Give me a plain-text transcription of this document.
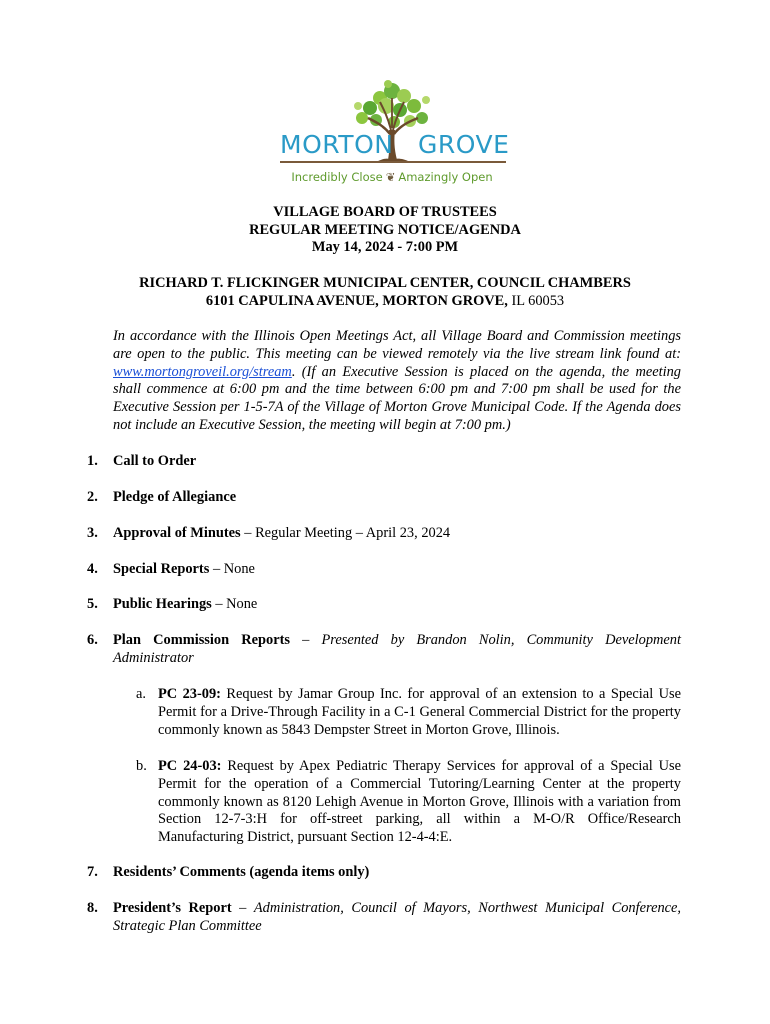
MORTON GROVE
Incredibly Close ❦ Amazingly Open
VILLAGE BOARD OF TRUSTEES
REGULAR MEETING NOTICE/AGENDA
May 14, 2024 - 7:00 PM
RICHARD T. FLICKINGER MUNICIPAL CENTER, COUNCIL CHAMBERS
6101 CAPULINA AVENUE, MORTON GROVE, IL 60053
In accordance with the Illinois Open Meetings Act, all Village Board and Commission meetings are open to the public. This meeting can be viewed remotely via the live stream link found at: www.mortongroveil.org/stream. (If an Executive Session is placed on the agenda, the meeting shall commence at 6:00 pm and the time between 6:00 pm and 7:00 pm shall be used for the Executive Session per 1-5-7A of the Village of Morton Grove Municipal Code. If the Agenda does not include an Executive Session, the meeting will begin at 7:00 pm.)
1. Call to Order
2. Pledge of Allegiance
3. Approval of Minutes – Regular Meeting – April 23, 2024
4. Special Reports – None
5. Public Hearings – None
6. Plan Commission Reports – Presented by Brandon Nolin, Community Development Administrator
a. PC 23-09: Request by Jamar Group Inc. for approval of an extension to a Special Use Permit for a Drive-Through Facility in a C-1 General Commercial District for the property commonly known as 5843 Dempster Street in Morton Grove, Illinois.
b. PC 24-03: Request by Apex Pediatric Therapy Services for approval of a Special Use Permit for the operation of a Commercial Tutoring/Learning Center at the property commonly known as 8120 Lehigh Avenue in Morton Grove, Illinois with a variation from Section 12-7-3:H for off-street parking, all within a M-O/R Office/Research Manufacturing District, pursuant Section 12-4-4:E.
7. Residents’ Comments (agenda items only)
8. President’s Report – Administration, Council of Mayors, Northwest Municipal Conference, Strategic Plan Committee
